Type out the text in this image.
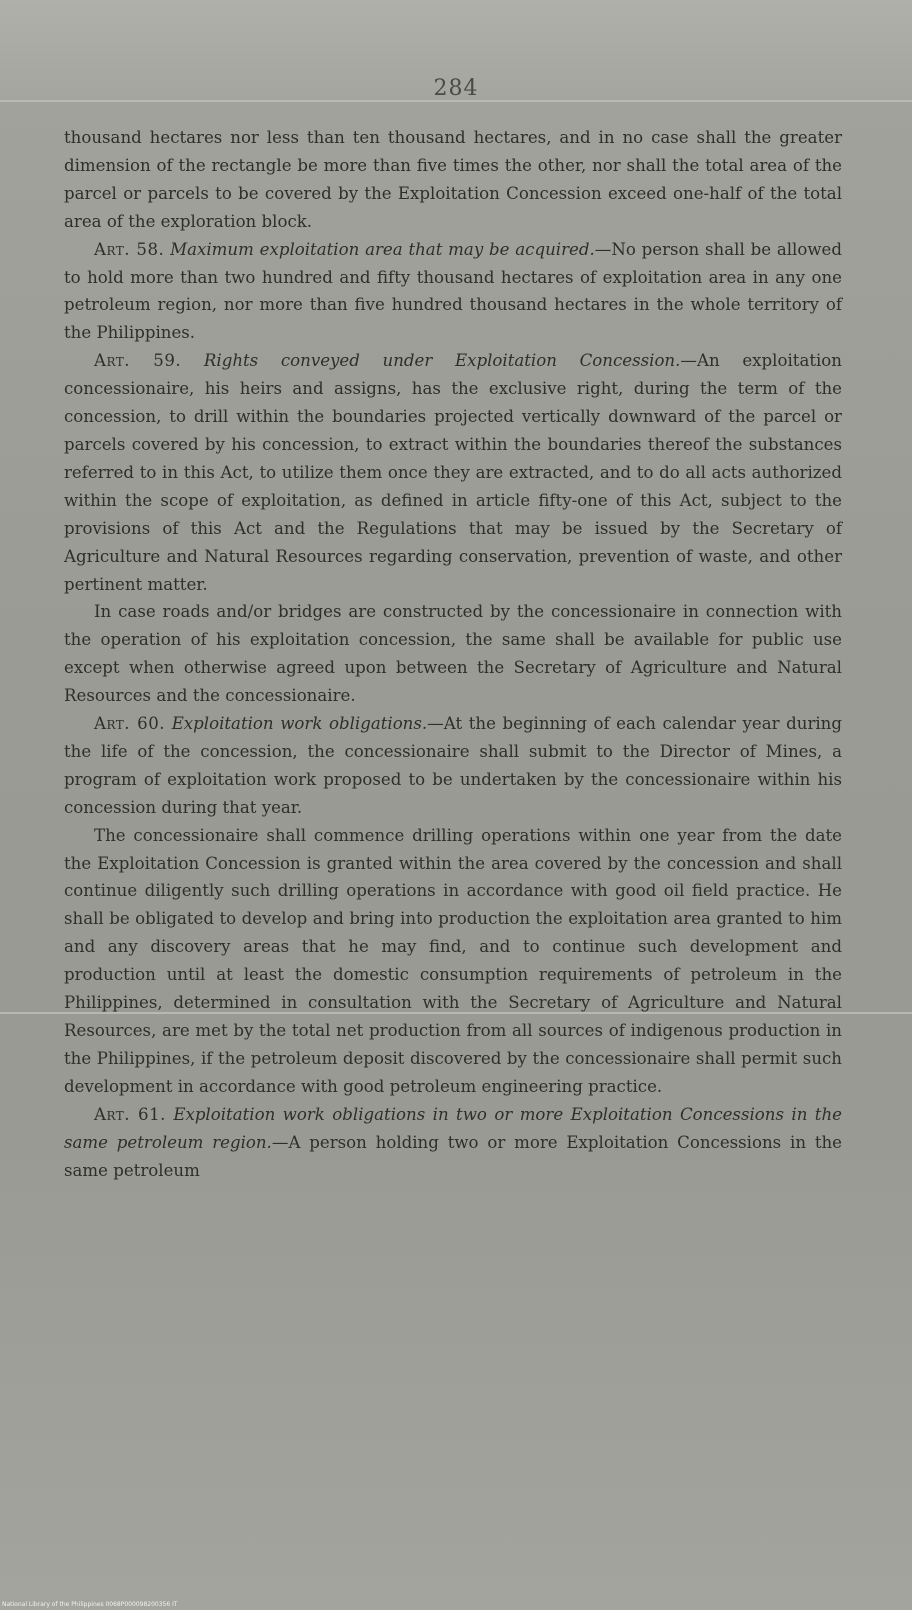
284

thousand hectares nor less than ten thousand hectares, and in no case shall the greater dimension of the rectangle be more than five times the other, nor shall the total area of the parcel or parcels to be covered by the Exploitation Concession exceed one-half of the total area of the exploration block.

Art. 58. Maximum exploitation area that may be acquired.—No person shall be allowed to hold more than two hundred and fifty thousand hectares of exploitation area in any one petroleum region, nor more than five hundred thousand hectares in the whole territory of the Philippines.

Art. 59. Rights conveyed under Exploitation Concession.—An exploitation concessionaire, his heirs and assigns, has the exclusive right, during the term of the concession, to drill within the boundaries projected vertically downward of the parcel or parcels covered by his concession, to extract within the boundaries thereof the substances referred to in this Act, to utilize them once they are extracted, and to do all acts authorized within the scope of exploitation, as defined in article fifty-one of this Act, subject to the provisions of this Act and the Regulations that may be issued by the Secretary of Agriculture and Natural Resources regarding conservation, prevention of waste, and other pertinent matter.

In case roads and/or bridges are constructed by the concessionaire in connection with the operation of his exploitation concession, the same shall be available for public use except when otherwise agreed upon between the Secretary of Agriculture and Natural Resources and the concessionaire.

Art. 60. Exploitation work obligations.—At the beginning of each calendar year during the life of the concession, the concessionaire shall submit to the Director of Mines, a program of exploitation work proposed to be undertaken by the concessionaire within his concession during that year.

The concessionaire shall commence drilling operations within one year from the date the Exploitation Concession is granted within the area covered by the concession and shall continue diligently such drilling operations in accordance with good oil field practice. He shall be obligated to develop and bring into production the exploitation area granted to him and any discovery areas that he may find, and to continue such development and production until at least the domestic consumption requirements of petroleum in the Philippines, determined in consultation with the Secretary of Agriculture and Natural Resources, are met by the total net production from all sources of indigenous production in the Philippines, if the petroleum deposit discovered by the concessionaire shall permit such development in accordance with good petroleum engineering practice.

Art. 61. Exploitation work obligations in two or more Exploitation Concessions in the same petroleum region.—A person holding two or more Exploitation Concessions in the same petroleum

National Library of the Philippines 0068P000098200356 IT
